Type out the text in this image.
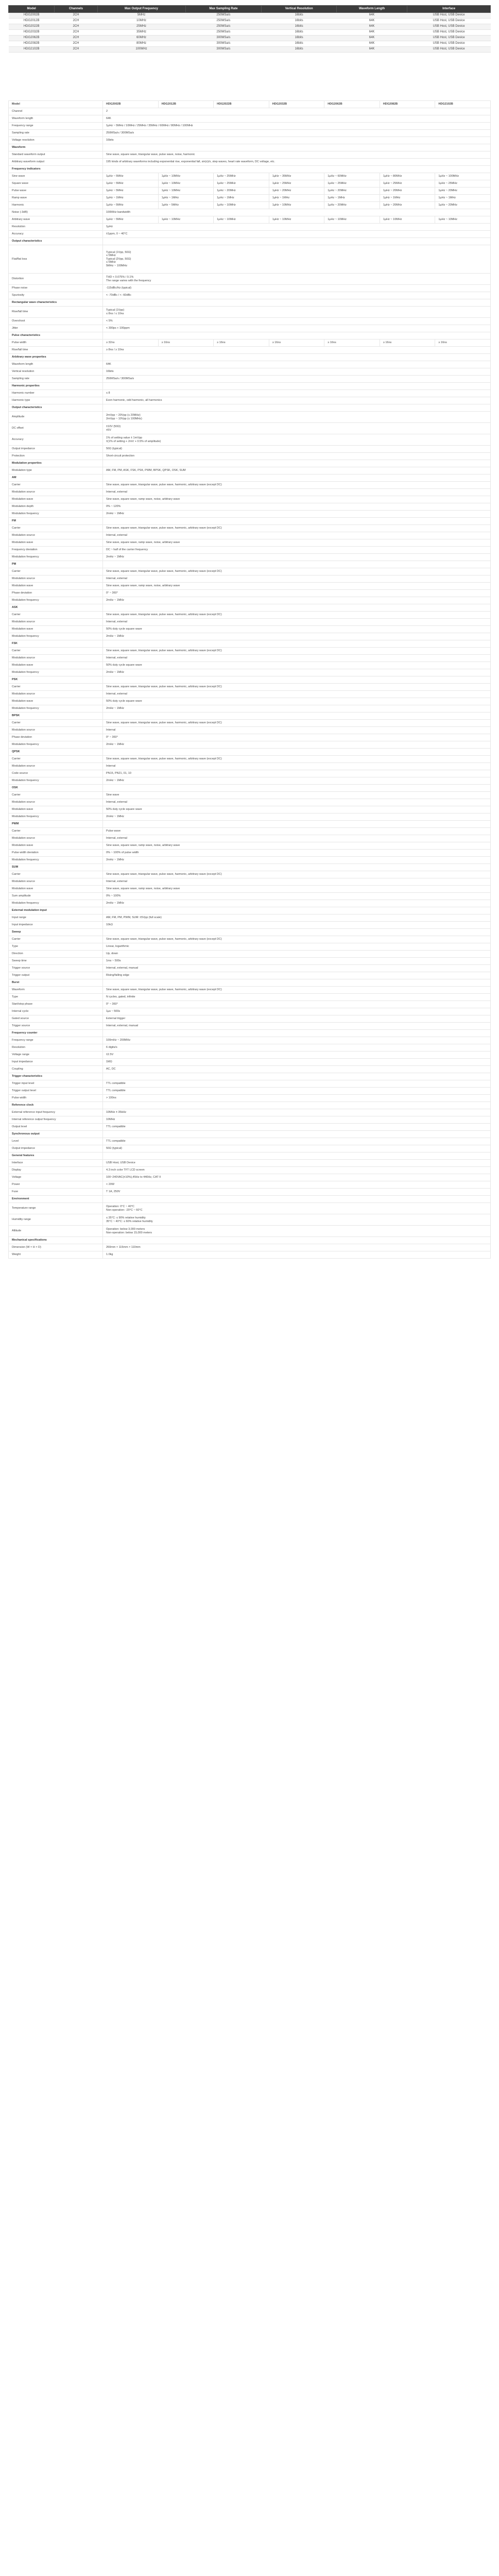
Model	Channels	Max Output Frequency	Max Sampling Rate	Vertical Resolution	Waveform Length	Interface
HDG2002B	2CH	5MHz	250MSa/s	16bits	64K	USB Host, USB Device
HDG2012B	2CH	10MHz	250MSa/s	16bits	64K	USB Host, USB Device
HDG2022B	2CH	25MHz	250MSa/s	16bits	64K	USB Host, USB Device
HDG2032B	2CH	35MHz	250MSa/s	16bits	64K	USB Host, USB Device
HDG2062B	2CH	60MHz	300MSa/s	16bits	64K	USB Host, USB Device
HDG2082B	2CH	80MHz	300MSa/s	16bits	64K	USB Host, USB Device
HDG2102B	2CH	100MHz	300MSa/s	16bits	64K	USB Host, USB Device
Model	HDG2002B	HDG2012B	HDG2022B	HDG2032B	HDG2062B	HDG2082B	HDG2102B
Channel	2						
Waveform length	64K						
Frequency range	1µHz ~ 5MHz / 10MHz / 25MHz / 35MHz / 60MHz / 80MHz / 100MHz						
Sampling rate	250MSa/s / 300MSa/s						
Voltage resolution	16bits						
Waveform							
Standard waveform output	Sine wave, square wave, triangular wave, pulse wave, noise, harmonic						
Arbitrary waveform output	195 kinds of arbitrary waveforms including exponential rise, exponential fall, sin(x)/x, step waves, heart rate waveform, DC voltage, etc.						
Frequency indicators							
Sine wave	1µHz ~ 5MHz	1µHz ~ 10MHz	1µHz ~ 25MHz	1µHz ~ 35MHz	1µHz ~ 60MHz	1µHz ~ 80MHz	1µHz ~ 100MHz
Square wave	1µHz ~ 5MHz	1µHz ~ 10MHz	1µHz ~ 25MHz	1µHz ~ 25MHz	1µHz ~ 25MHz	1µHz ~ 25MHz	1µHz ~ 25MHz
Pulse wave	1µHz ~ 5MHz	1µHz ~ 10MHz	1µHz ~ 20MHz	1µHz ~ 20MHz	1µHz ~ 20MHz	1µHz ~ 20MHz	1µHz ~ 20MHz
Ramp wave	1µHz ~ 1MHz	1µHz ~ 1MHz	1µHz ~ 1MHz	1µHz ~ 1MHz	1µHz ~ 1MHz	1µHz ~ 1MHz	1µHz ~ 1MHz
Harmonic	1µHz ~ 5MHz	1µHz ~ 5MHz	1µHz ~ 10MHz	1µHz ~ 10MHz	1µHz ~ 20MHz	1µHz ~ 20MHz	1µHz ~ 20MHz
Noise (-3dB)	100MHz bandwidth						
Arbitrary wave	1µHz ~ 5MHz	1µHz ~ 10MHz	1µHz ~ 10MHz	1µHz ~ 10MHz	1µHz ~ 10MHz	1µHz ~ 10MHz	1µHz ~ 10MHz
Resolution	1µHz						
Accuracy	±1ppm, 0 ~ 40°C						
Output characteristics							
Flat/flat loss	Typical (1Vpp, 50Ω)
≤ 5MHz
Typical (2Vpp, 50Ω)
≤ 5MHz
5MHz ~ 100MHz						

Distortion	THD < 0.075% / 0.1%
The range varies with the frequency						

Phase noise	-115dBc/Hz (typical)						
Spuriosity	< -70dBc / < -60dBc						
Rectangular wave characteristics							
Rise/fall time	Typical (1Vpp)
≤ 8ns / ≤ 10ns						

Overshoot	< 5%						
Jitter	< 300ps + 100ppm						
Pulse characteristics							
Pulse width	≥ 32ns	≥ 16ns	≥ 16ns	≥ 16ns	≥ 16ns	≥ 16ns	≥ 16ns
Rise/fall time	≥ 8ns / ≥ 10ns						
Arbitrary wave properties							
Waveform length	64K						
Vertical resolution	16bits						
Sampling rate	250MSa/s / 300MSa/s						
Harmonic properties							
Harmonic number	≤ 8						
Harmonic type	Even harmonic, odd harmonic, all harmonics						
Output characteristics							
Amplitude	2mVpp ~ 20Vpp (≤ 20MHz)
2mVpp ~ 10Vpp (≤ 100MHz)						

DC offset	±10V (50Ω)
±5V						

Accuracy	1% of setting value ± 1mVpp
±(1% of setting + 2mV + 0.5% of amplitude)						

Output impedance	50Ω (typical)						
Protection	Short-circuit protection						
Modulation properties							
Modulation type	AM, FM, PM, ASK, FSK, PSK, PWM, BPSK, QPSK, OSK, SUM						
AM							
Carrier	Sine wave, square wave, triangular wave, pulse wave, harmonic, arbitrary wave (except DC)						
Modulation source	Internal, external						
Modulation wave	Sine wave, square wave, ramp wave, noise, arbitrary wave						
Modulation depth	0% ~ 120%						
Modulation frequency	2mHz ~ 1MHz						
FM							
Carrier	Sine wave, square wave, triangular wave, pulse wave, harmonic, arbitrary wave (except DC)						
Modulation source	Internal, external						
Modulation wave	Sine wave, square wave, ramp wave, noise, arbitrary wave						
Frequency deviation	DC ~ half of the carrier frequency						
Modulation frequency	2mHz ~ 1MHz						
PM							
Carrier	Sine wave, square wave, triangular wave, pulse wave, harmonic, arbitrary wave (except DC)						
Modulation source	Internal, external						
Modulation wave	Sine wave, square wave, ramp wave, noise, arbitrary wave						
Phase deviation	0° ~ 360°						
Modulation frequency	2mHz ~ 1MHz						
ASK							
Carrier	Sine wave, square wave, triangular wave, pulse wave, harmonic, arbitrary wave (except DC)						
Modulation source	Internal, external						
Modulation wave	50% duty cycle square wave						
Modulation frequency	2mHz ~ 1MHz						
FSK							
Carrier	Sine wave, square wave, triangular wave, pulse wave, harmonic, arbitrary wave (except DC)						
Modulation source	Internal, external						
Modulation wave	50% duty cycle square wave						
Modulation frequency	2mHz ~ 1MHz						
PSK							
Carrier	Sine wave, square wave, triangular wave, pulse wave, harmonic, arbitrary wave (except DC)						
Modulation source	Internal, external						
Modulation wave	50% duty cycle square wave						
Modulation frequency	2mHz ~ 1MHz						
BPSK							
Carrier	Sine wave, square wave, triangular wave, pulse wave, harmonic, arbitrary wave (except DC)						
Modulation source	Internal						
Phase deviation	0° ~ 360°						
Modulation frequency	2mHz ~ 1MHz						
QPSK							
Carrier	Sine wave, square wave, triangular wave, pulse wave, harmonic, arbitrary wave (except DC)						
Modulation source	Internal						
Code source	PN15, PN21, 01, 10						
Modulation frequency	2mHz ~ 1MHz						
OSK							
Carrier	Sine wave						
Modulation source	Internal, external						
Modulation wave	50% duty cycle square wave						
Modulation frequency	2mHz ~ 1MHz						
PWM							
Carrier	Pulse wave						
Modulation source	Internal, external						
Modulation wave	Sine wave, square wave, ramp wave, noise, arbitrary wave						
Pulse width deviation	0% ~ 100% of pulse width						
Modulation frequency	2mHz ~ 1MHz						
SUM							
Carrier	Sine wave, square wave, triangular wave, pulse wave, harmonic, arbitrary wave (except DC)						
Modulation source	Internal, external						
Modulation wave	Sine wave, square wave, ramp wave, noise, arbitrary wave						
Sum amplitude	0% ~ 100%						
Modulation frequency	2mHz ~ 1MHz						
External modulation input							
Input range	AM, FM, PM, PWM, SUM: ±5Vpp (full scale)						
Input impedance	10kΩ						
Sweep							
Carrier	Sine wave, square wave, triangular wave, pulse wave, harmonic, arbitrary wave (except DC)						
Type	Linear, logarithmic						
Direction	Up, down						
Sweep time	1ms ~ 500s						
Trigger source	Internal, external, manual						
Trigger output	Rising/falling edge						
Burst							
Waveform	Sine wave, square wave, triangular wave, pulse wave, harmonic, arbitrary wave (except DC)						
Type	N cycles, gated, infinite						
Start/stop phase	0° ~ 360°						
Internal cycle	1µs ~ 500s						
Gated source	External trigger						
Trigger source	Internal, external, manual						
Frequency counter							
Frequency range	100mHz ~ 200MHz						
Resolution	6 digits/s						
Voltage range	±2.5V						
Input impedance	1MΩ						
Coupling	AC, DC						
Trigger characteristics							
Trigger input level	TTL compatible						
Trigger output level	TTL compatible						
Pulse width	> 100ns						
Reference clock							
External reference input frequency	10MHz ± 35kHz						
Internal reference output frequency	10MHz						
Output level	TTL compatible						
Synchronous output							
Level	TTL compatible						
Output impedance	50Ω (typical)						
General features							
Interface	USB Host, USB Device						
Display	4.3 inch color TFT LCD screen						
Voltage	100~240VAC(±10%),45Hz to 440Hz, CAT II						
Power	< 20W						
Fuse	T 1A, 250V						
Environment							
Temperature range	Operation: 0°C ~ 40°C
Non-operation: -20°C ~ 60°C						

Humidity range	≤ 35°C: ≤ 90% relative humidity
35°C ~ 40°C: ≤ 60% relative humidity						

Altitude	Operation: below 3,000 meters
Non-operation: below 15,000 meters						

Mechanical specifications							
Dimension (W × H × D)	260mm × 115mm × 110mm						
Weight	1.0kg						
